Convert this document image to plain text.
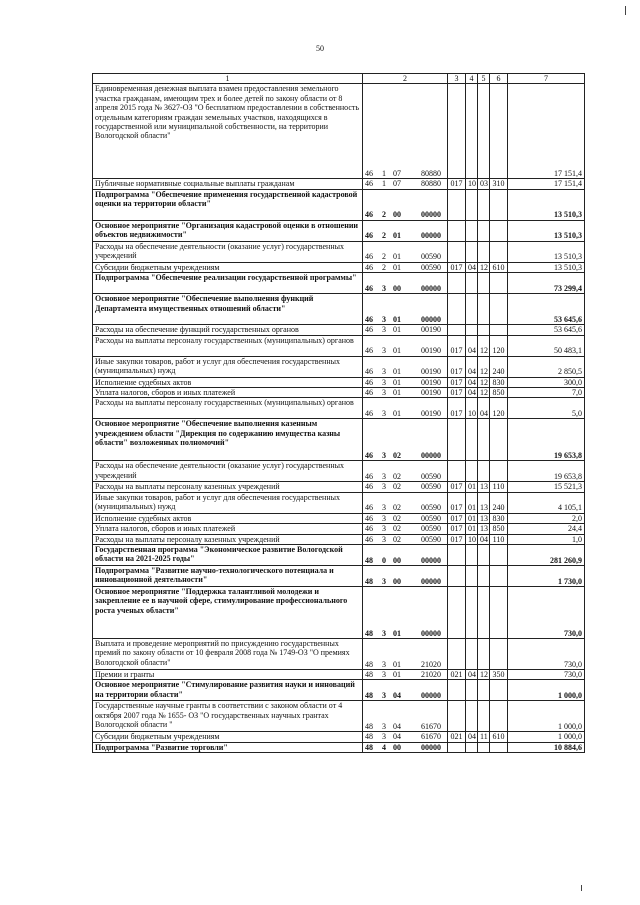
50
1	2	3	4	5	6	7
Единовременная денежная выплата взамен предоставления земельного участка гражданам, имеющим трех и более детей по закону области от 8 апреля 2015 года № 3627-ОЗ "О бесплатном предоставлении в собственность отдельным категориям граждан земельных участков, находящихся в государственной или муниципальной собственности, на территории Вологодской области"	46 1 07 80880					17 151,4
Публичные нормативные социальные выплаты гражданам	46 1 07 80880	017	10	03	310	17 151,4
Подпрограмма "Обеспечение применения государственной кадастровой оценки на территории области"	46 2 00 00000					13 510,3
Основное мероприятие "Организация кадастровой оценки в отношении объектов недвижимости"	46 2 01 00000					13 510,3
Расходы на обеспечение деятельности (оказание услуг) государственных учреждений	46 2 01 00590					13 510,3
Субсидии бюджетным учреждениям	46 2 01 00590	017	04	12	610	13 510,3
Подпрограмма "Обеспечение реализации государственной программы"	46 3 00 00000					73 299,4
Основное мероприятие "Обеспечение выполнения функций Департамента имущественных отношений области"	46 3 01 00000					53 645,6
Расходы на обеспечение функций государственных органов	46 3 01 00190					53 645,6
Расходы на выплаты персоналу государственных (муниципальных) органов	46 3 01 00190	017	04	12	120	50 483,1
Иные закупки товаров, работ и услуг для обеспечения государственных (муниципальных) нужд	46 3 01 00190	017	04	12	240	2 850,5
Исполнение судебных актов	46 3 01 00190	017	04	12	830	300,0
Уплата налогов, сборов и иных платежей	46 3 01 00190	017	04	12	850	7,0
Расходы на выплаты персоналу государственных (муниципальных) органов	46 3 01 00190	017	10	04	120	5,0
Основное мероприятие "Обеспечение выполнения казенным учреждением области "Дирекция по содержанию имущества казны области" возложенных полномочий"	46 3 02 00000					19 653,8
Расходы на обеспечение деятельности (оказание услуг) государственных учреждений	46 3 02 00590					19 653,8
Расходы на выплаты персоналу казенных учреждений	46 3 02 00590	017	01	13	110	15 521,3
Иные закупки товаров, работ и услуг для обеспечения государственных (муниципальных) нужд	46 3 02 00590	017	01	13	240	4 105,1
Исполнение судебных актов	46 3 02 00590	017	01	13	830	2,0
Уплата налогов, сборов и иных платежей	46 3 02 00590	017	01	13	850	24,4
Расходы на выплаты персоналу казенных учреждений	46 3 02 00590	017	10	04	110	1,0
Государственная программа "Экономическое развитие Вологодской области на 2021-2025 годы"	48 0 00 00000					281 260,9
Подпрограмма "Развитие научно-технологического потенциала и инновационной деятельности"	48 3 00 00000					1 730,0
Основное мероприятие "Поддержка талантливой молодежи и закрепление ее в научной сфере, стимулирование профессионального роста ученых области"	48 3 01 00000					730,0
Выплата и проведение мероприятий по присуждению государственных премий по закону области от 10 февраля 2008 года № 1749-ОЗ "О премиях Вологодской области"	48 3 01 21020					730,0
Премии и гранты	48 3 01 21020	021	04	12	350	730,0
Основное мероприятие "Стимулирование развития науки и инноваций на территории области"	48 3 04 00000					1 000,0
Государственные научные гранты в соответствии с законом области от 4 октября 2007 года № 1655- ОЗ "О государственных научных грантах Вологодской области "	48 3 04 61670					1 000,0
Субсидии бюджетным учреждениям	48 3 04 61670	021	04	11	610	1 000,0
Подпрограмма "Развитие торговли"	48 4 00 00000					10 884,6
